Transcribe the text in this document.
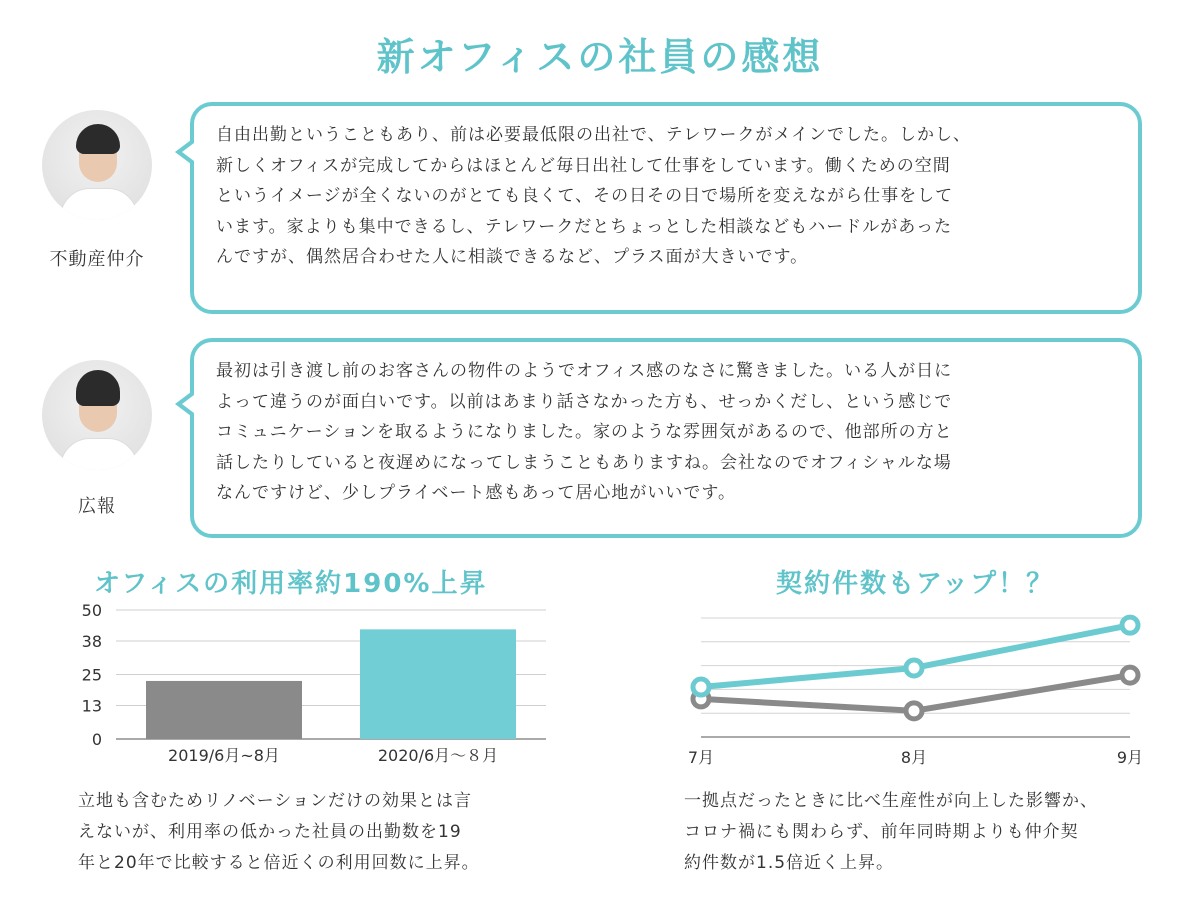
新オフィスの社員の感想
不動産仲介
自由出勤ということもあり、前は必要最低限の出社で、テレワークがメインでした。しかし、
新しくオフィスが完成してからはほとんど毎日出社して仕事をしています。働くための空間
というイメージが全くないのがとても良くて、その日その日で場所を変えながら仕事をして
います。家よりも集中できるし、テレワークだとちょっとした相談などもハードルがあった
んですが、偶然居合わせた人に相談できるなど、プラス面が大きいです。
広報
最初は引き渡し前のお客さんの物件のようでオフィス感のなさに驚きました。いる人が日に
よって違うのが面白いです。以前はあまり話さなかった方も、せっかくだし、という感じで
コミュニケーションを取るようになりました。家のような雰囲気があるので、他部所の方と
話したりしていると夜遅めになってしまうこともありますね。会社なのでオフィシャルな場
なんですけど、少しプライベート感もあって居心地がいいです。
オフィスの利用率約190%上昇
0
13
25
38
50
2019/6月~8月	2020/6月～８月
立地も含むためリノベーションだけの効果とは言
えないが、利用率の低かった社員の出勤数を19
年と20年で比較すると倍近くの利用回数に上昇。
契約件数もアップ！？
7月	8月	9月
一拠点だったときに比べ生産性が向上した影響か、
コロナ禍にも関わらず、前年同時期よりも仲介契
約件数が1.5倍近く上昇。
